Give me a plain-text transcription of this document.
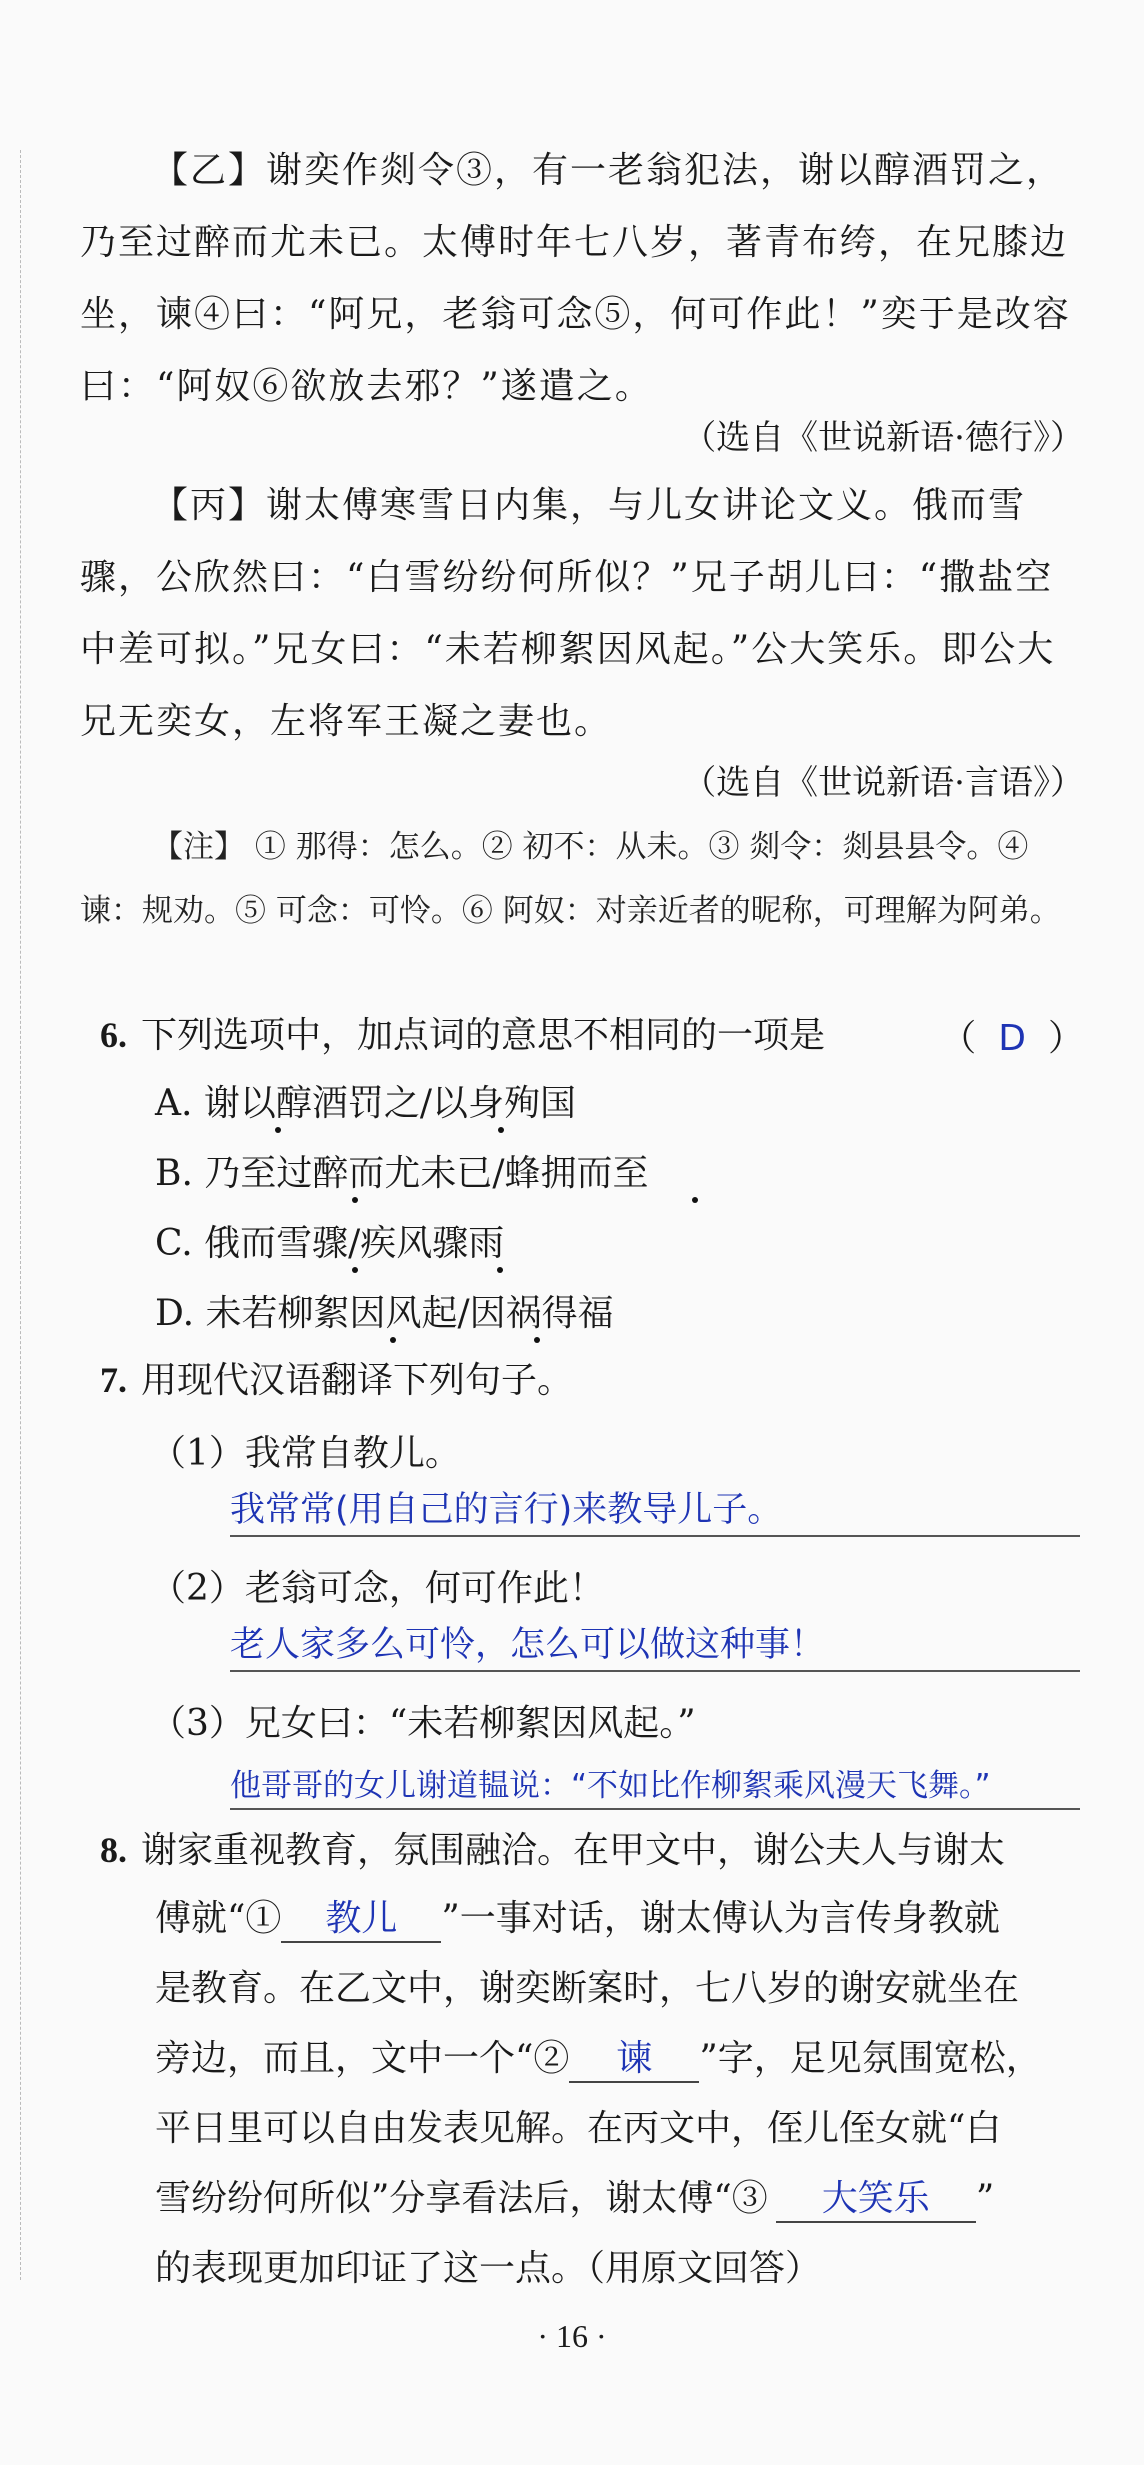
【乙】谢奕作剡令③，有一老翁犯法，谢以醇酒罚之，乃至过醉而尤未已。太傅时年七八岁，著青布绔，在兄膝边坐，谏④曰：“阿兄，老翁可念⑤，何可作此！”奕于是改容曰：“阿奴⑥欲放去邪？”遂遣之。
（选自《世说新语·德行》）
【丙】谢太傅寒雪日内集，与儿女讲论文义。俄而雪骤，公欣然曰：“白雪纷纷何所似？”兄子胡儿曰：“撒盐空中差可拟。”兄女曰：“未若柳絮因风起。”公大笑乐。即公大兄无奕女，左将军王凝之妻也。
（选自《世说新语·言语》）
【注】 ① 那得：怎么。② 初不：从未。③ 剡令：剡县县令。④ 谏：规劝。⑤ 可念：可怜。⑥ 阿奴：对亲近者的昵称，可理解为阿弟。
6. 下列选项中，加点词的意思不相同的一项是	（ D ）
A. 谢以醇酒罚之/以身殉国
B. 乃至过醉而尤未已/蜂拥而至
C. 俄而雪骤/疾风骤雨
D. 未若柳絮因风起/因祸得福
7. 用现代汉语翻译下列句子。
（1）我常自教儿。
我常常(用自己的言行)来教导儿子。
（2）老翁可念，何可作此！
老人家多么可怜，怎么可以做这种事！
（3）兄女曰：“未若柳絮因风起。”
他哥哥的女儿谢道韫说：“不如比作柳絮乘风漫天飞舞。”
8. 谢家重视教育，氛围融洽。在甲文中，谢公夫人与谢太
傅就“① 教儿 ”一事对话，谢太傅认为言传身教就
是教育。在乙文中，谢奕断案时，七八岁的谢安就坐在
旁边，而且，文中一个“② 谏 ”字，足见氛围宽松，
平日里可以自由发表见解。在丙文中，侄儿侄女就“白
雪纷纷何所似”分享看法后，谢太傅“③ 大笑乐 ”
的表现更加印证了这一点。（用原文回答）
· 16 ·
